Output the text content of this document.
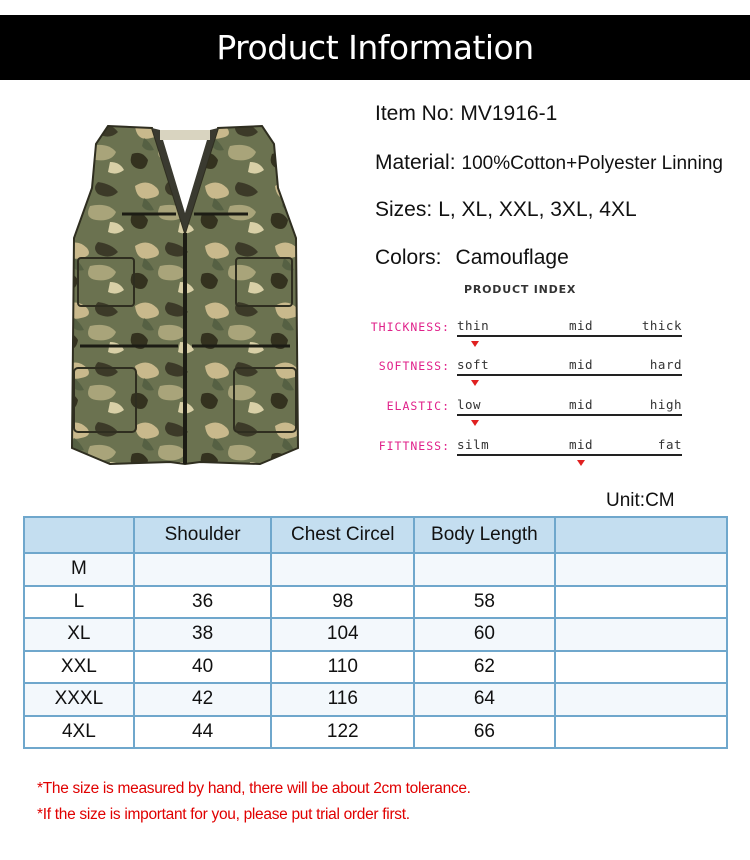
Product Information
Item No: MV1916-1
Material: 100%Cotton+Polyester Linning
Sizes: L, XL, XXL, 3XL, 4XL
Colors: Camouflage
PRODUCT INDEX
THICKNESS: thin	mid	thick
SOFTNESS: soft	mid	hard
ELASTIC: low	mid	high
FITTNESS: silm	mid	fat
Unit:CM
	Shoulder	Chest Circel	Body Length	
M				
L	36	98	58	
XL	38	104	60	
XXL	40	110	62	
XXXL	42	116	64	
4XL	44	122	66	
*The size is measured by hand, there will be about 2cm tolerance.
*If the size is important for you, please put trial order first.
